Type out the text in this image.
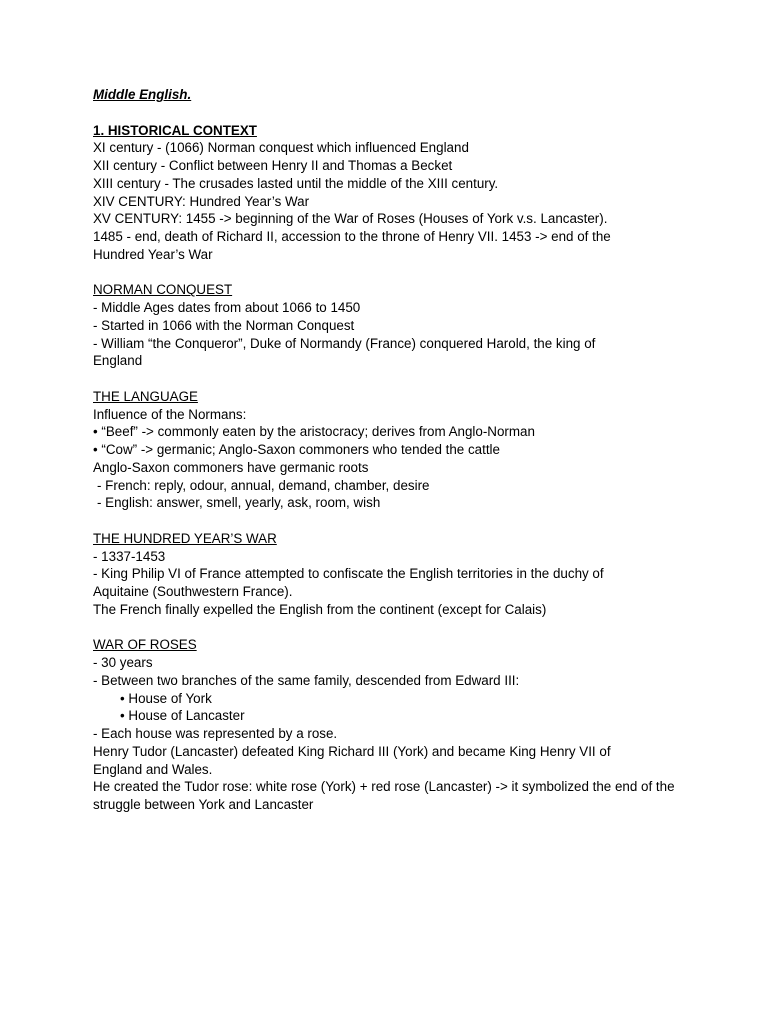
Middle English.
1. HISTORICAL CONTEXT
XI century - (1066) Norman conquest which influenced England
XII century - Conflict between Henry II and Thomas a Becket
XIII century - The crusades lasted until the middle of the XIII century.
XIV CENTURY: Hundred Year’s War
XV CENTURY: 1455 -> beginning of the War of Roses (Houses of York v.s. Lancaster).
1485 - end, death of Richard II, accession to the throne of Henry VII. 1453 -> end of the
Hundred Year’s War
NORMAN CONQUEST
- Middle Ages dates from about 1066 to 1450
- Started in 1066 with the Norman Conquest
- William “the Conqueror”, Duke of Normandy (France) conquered Harold, the king of
England
THE LANGUAGE
Influence of the Normans:
• “Beef” -> commonly eaten by the aristocracy; derives from Anglo-Norman
• “Cow” -> germanic; Anglo-Saxon commoners who tended the cattle
Anglo-Saxon commoners have germanic roots
- French: reply, odour, annual, demand, chamber, desire
- English: answer, smell, yearly, ask, room, wish
THE HUNDRED YEAR’S WAR
- 1337-1453
- King Philip VI of France attempted to confiscate the English territories in the duchy of
Aquitaine (Southwestern France).
The French finally expelled the English from the continent (except for Calais)
WAR OF ROSES
- 30 years
- Between two branches of the same family, descended from Edward III:
• House of York
• House of Lancaster
- Each house was represented by a rose.
Henry Tudor (Lancaster) defeated King Richard III (York) and became King Henry VII of
England and Wales.
He created the Tudor rose: white rose (York) + red rose (Lancaster) -> it symbolized the end of the
struggle between York and Lancaster
